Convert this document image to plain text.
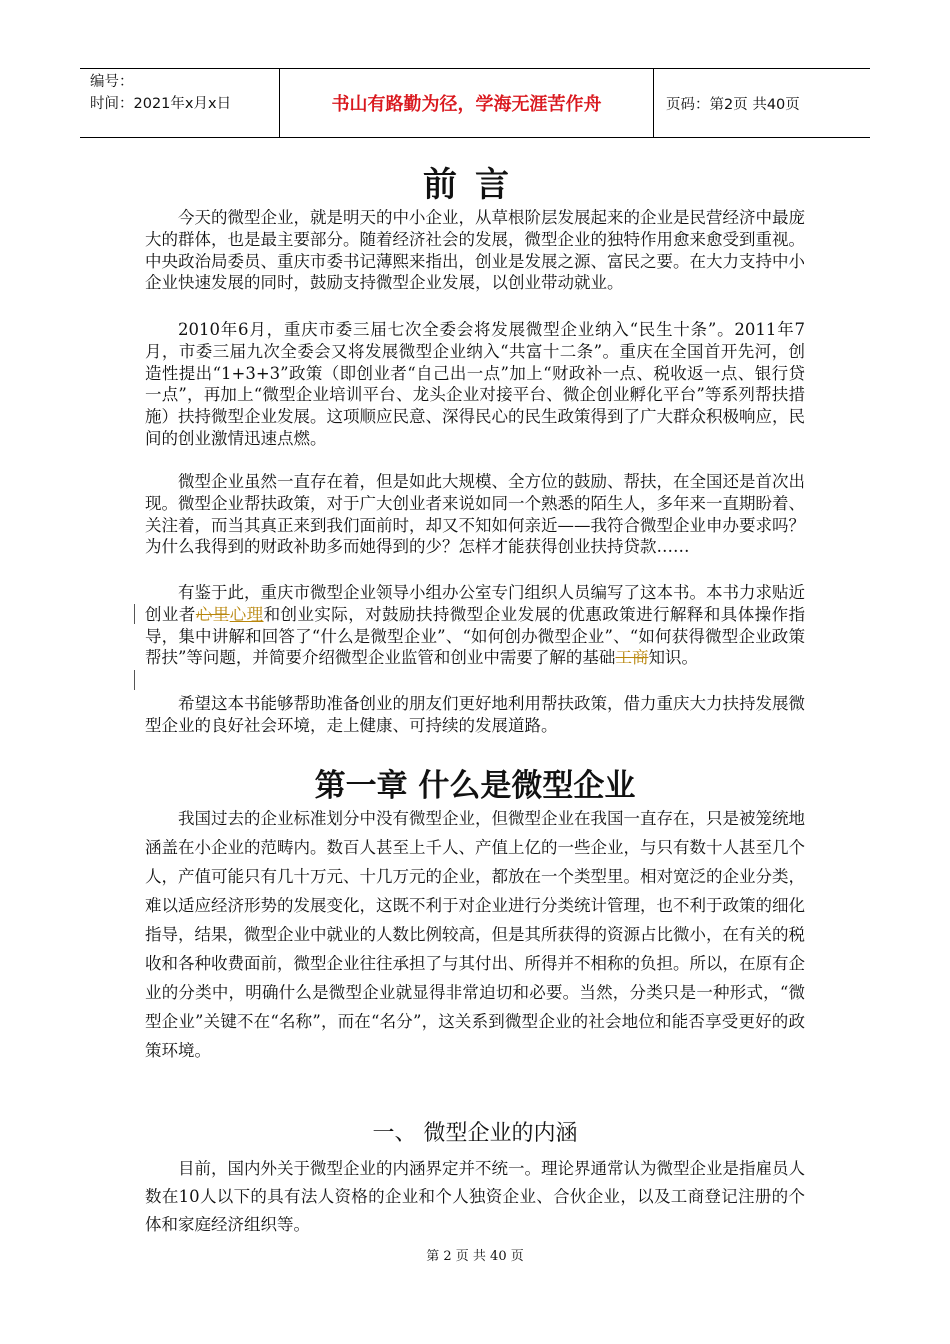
编号：
时间：2021年x月x日	书山有路勤为径，学海无涯苦作舟	页码：第2页 共40页
前言

今天的微型企业，就是明天的中小企业，从草根阶层发展起来的企业是民营经济中最庞大的群体，也是最主要部分。随着经济社会的发展，微型企业的独特作用愈来愈受到重视。中央政治局委员、重庆市委书记薄熙来指出，创业是发展之源、富民之要。在大力支持中小企业快速发展的同时，鼓励支持微型企业发展，以创业带动就业。

2010年6月，重庆市委三届七次全委会将发展微型企业纳入“民生十条”。2011年7月，市委三届九次全委会又将发展微型企业纳入“共富十二条”。重庆在全国首开先河，创造性提出“1+3+3”政策（即创业者“自己出一点”加上“财政补一点、税收返一点、银行贷一点”，再加上“微型企业培训平台、龙头企业对接平台、微企创业孵化平台”等系列帮扶措施）扶持微型企业发展。这项顺应民意、深得民心的民生政策得到了广大群众积极响应，民间的创业激情迅速点燃。

微型企业虽然一直存在着，但是如此大规模、全方位的鼓励、帮扶，在全国还是首次出现。微型企业帮扶政策，对于广大创业者来说如同一个熟悉的陌生人，多年来一直期盼着、关注着，而当其真正来到我们面前时，却又不知如何亲近——我符合微型企业申办要求吗？为什么我得到的财政补助多而她得到的少？怎样才能获得创业扶持贷款……

有鉴于此，重庆市微型企业领导小组办公室专门组织人员编写了这本书。本书力求贴近创业者心里心理和创业实际，对鼓励扶持微型企业发展的优惠政策进行解释和具体操作指导，集中讲解和回答了“什么是微型企业”、“如何创办微型企业”、“如何获得微型企业政策帮扶”等问题，并简要介绍微型企业监管和创业中需要了解的基础工商知识。

希望这本书能够帮助准备创业的朋友们更好地利用帮扶政策，借力重庆大力扶持发展微型企业的良好社会环境，走上健康、可持续的发展道路。

第一章 什么是微型企业

我国过去的企业标准划分中没有微型企业，但微型企业在我国一直存在，只是被笼统地涵盖在小企业的范畴内。数百人甚至上千人、产值上亿的一些企业，与只有数十人甚至几个人，产值可能只有几十万元、十几万元的企业，都放在一个类型里。相对宽泛的企业分类，难以适应经济形势的发展变化，这既不利于对企业进行分类统计管理，也不利于政策的细化指导，结果，微型企业中就业的人数比例较高，但是其所获得的资源占比微小，在有关的税收和各种收费面前，微型企业往往承担了与其付出、所得并不相称的负担。所以，在原有企业的分类中，明确什么是微型企业就显得非常迫切和必要。当然，分类只是一种形式，“微型企业”关键不在“名称”，而在“名分”，这关系到微型企业的社会地位和能否享受更好的政策环境。

一、 微型企业的内涵

目前，国内外关于微型企业的内涵界定并不统一。理论界通常认为微型企业是指雇员人数在10人以下的具有法人资格的企业和个人独资企业、合伙企业，以及工商登记注册的个体和家庭经济组织等。

第 2 页 共 40 页
